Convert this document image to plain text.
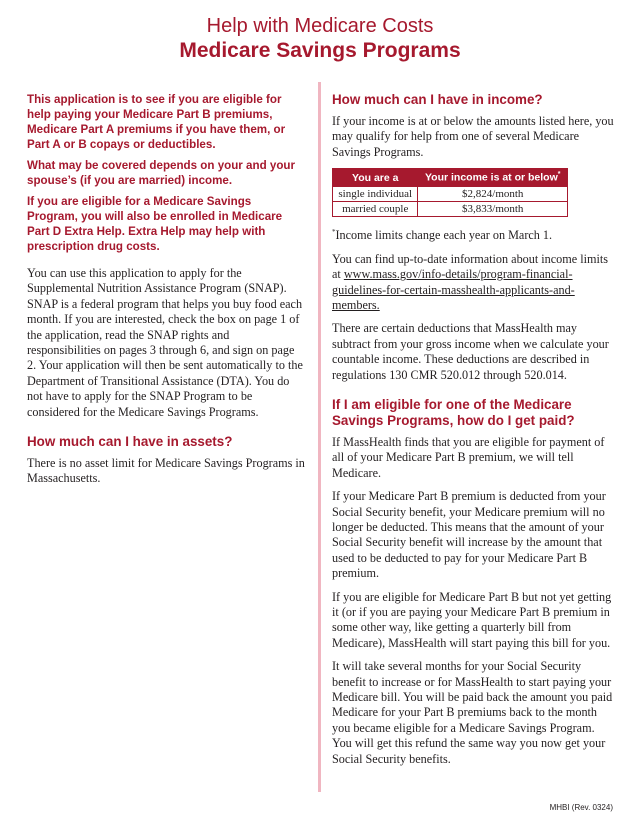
Help with Medicare Costs
Medicare Savings Programs
This application is to see if you are eligible for help paying your Medicare Part B premiums, Medicare Part A premiums if you have them, or Part A or B copays or deductibles.
What may be covered depends on your and your spouse’s (if you are married) income.
If you are eligible for a Medicare Savings Program, you will also be enrolled in Medicare Part D Extra Help. Extra Help may help with prescription drug costs.

You can use this application to apply for the Supplemental Nutrition Assistance Program (SNAP). SNAP is a federal program that helps you buy food each month. If you are interested, check the box on page 1 of the application, read the SNAP rights and responsibilities on pages 3 through 6, and sign on page 2. Your application will then be sent automatically to the Department of Transitional Assistance (DTA). You do not have to apply for the SNAP Program to be considered for the Medicare Savings Programs.

How much can I have in assets?

There is no asset limit for Medicare Savings Programs in Massachusetts.

How much can I have in income?

If your income is at or below the amounts listed here, you may qualify for help from one of several Medicare Savings Programs.

You are a	Your income is at or below*
single individual	$2,824/month
married couple	$3,833/month

*Income limits change each year on March 1.

You can find up-to-date information about income limits at www.mass.gov/info-details/program-financial-guidelines-for-certain-masshealth-applicants-and-members.

There are certain deductions that MassHealth may subtract from your gross income when we calculate your countable income. These deductions are described in regulations 130 CMR 520.012 through 520.014.

If I am eligible for one of the Medicare Savings Programs, how do I get paid?

If MassHealth finds that you are eligible for payment of all of your Medicare Part B premium, we will tell Medicare.

If your Medicare Part B premium is deducted from your Social Security benefit, your Medicare premium will no longer be deducted. This means that the amount of your Social Security benefit will increase by the amount that used to be deducted to pay for your Medicare Part B premium.

If you are eligible for Medicare Part B but not yet getting it (or if you are paying your Medicare Part B premium in some other way, like getting a quarterly bill from Medicare), MassHealth will start paying this bill for you.

It will take several months for your Social Security benefit to increase or for MassHealth to start paying your Medicare bill. You will be paid back the amount you paid Medicare for your Part B premiums back to the month you became eligible for a Medicare Savings Program. You will get this refund the same way you now get your Social Security benefits.

MHBI (Rev. 0324)
